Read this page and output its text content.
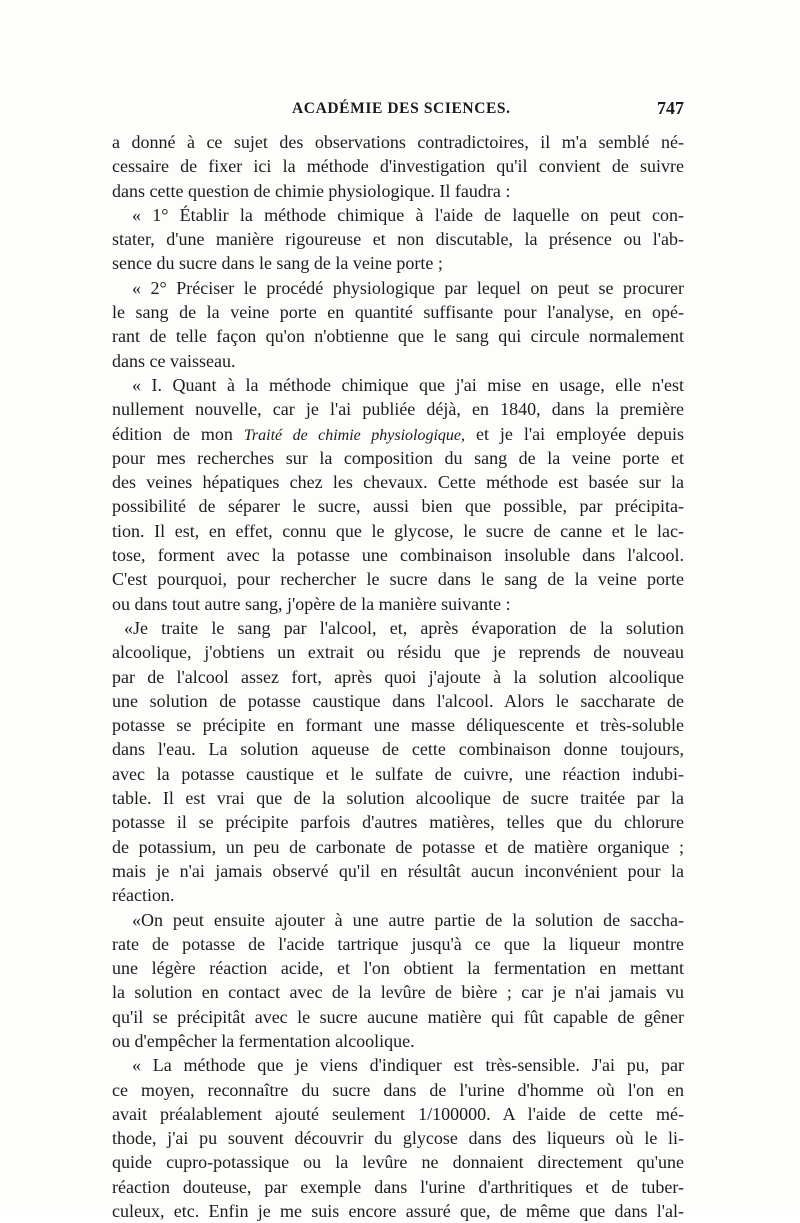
ACADÉMIE DES SCIENCES.	747
a donné à ce sujet des observations contradictoires, il m'a semblé né-
cessaire de fixer ici la méthode d'investigation qu'il convient de suivre
dans cette question de chimie physiologique. Il faudra :
« 1° Établir la méthode chimique à l'aide de laquelle on peut con-
stater, d'une manière rigoureuse et non discutable, la présence ou l'ab-
sence du sucre dans le sang de la veine porte ;
« 2° Préciser le procédé physiologique par lequel on peut se procurer
le sang de la veine porte en quantité suffisante pour l'analyse, en opé-
rant de telle façon qu'on n'obtienne que le sang qui circule normalement
dans ce vaisseau.
« I. Quant à la méthode chimique que j'ai mise en usage, elle n'est
nullement nouvelle, car je l'ai publiée déjà, en 1840, dans la première
édition de mon Traité de chimie physiologique, et je l'ai employée depuis
pour mes recherches sur la composition du sang de la veine porte et
des veines hépatiques chez les chevaux. Cette méthode est basée sur la
possibilité de séparer le sucre, aussi bien que possible, par précipita-
tion. Il est, en effet, connu que le glycose, le sucre de canne et le lac-
tose, forment avec la potasse une combinaison insoluble dans l'alcool.
C'est pourquoi, pour rechercher le sucre dans le sang de la veine porte
ou dans tout autre sang, j'opère de la manière suivante :
«Je traite le sang par l'alcool, et, après évaporation de la solution
alcoolique, j'obtiens un extrait ou résidu que je reprends de nouveau
par de l'alcool assez fort, après quoi j'ajoute à la solution alcoolique
une solution de potasse caustique dans l'alcool. Alors le saccharate de
potasse se précipite en formant une masse déliquescente et très-soluble
dans l'eau. La solution aqueuse de cette combinaison donne toujours,
avec la potasse caustique et le sulfate de cuivre, une réaction indubi-
table. Il est vrai que de la solution alcoolique de sucre traitée par la
potasse il se précipite parfois d'autres matières, telles que du chlorure
de potassium, un peu de carbonate de potasse et de matière organique ;
mais je n'ai jamais observé qu'il en résultât aucun inconvénient pour la
réaction.
«On peut ensuite ajouter à une autre partie de la solution de saccha-
rate de potasse de l'acide tartrique jusqu'à ce que la liqueur montre
une légère réaction acide, et l'on obtient la fermentation en mettant
la solution en contact avec de la levûre de bière ; car je n'ai jamais vu
qu'il se précipitât avec le sucre aucune matière qui fût capable de gêner
ou d'empêcher la fermentation alcoolique.
« La méthode que je viens d'indiquer est très-sensible. J'ai pu, par
ce moyen, reconnaître du sucre dans de l'urine d'homme où l'on en
avait préalablement ajouté seulement 1/100000. A l'aide de cette mé-
thode, j'ai pu souvent découvrir du glycose dans des liqueurs où le li-
quide cupro-potassique ou la levûre ne donnaient directement qu'une
réaction douteuse, par exemple dans l'urine d'arthritiques et de tuber-
culeux, etc. Enfin je me suis encore assuré que, de même que dans l'al-
